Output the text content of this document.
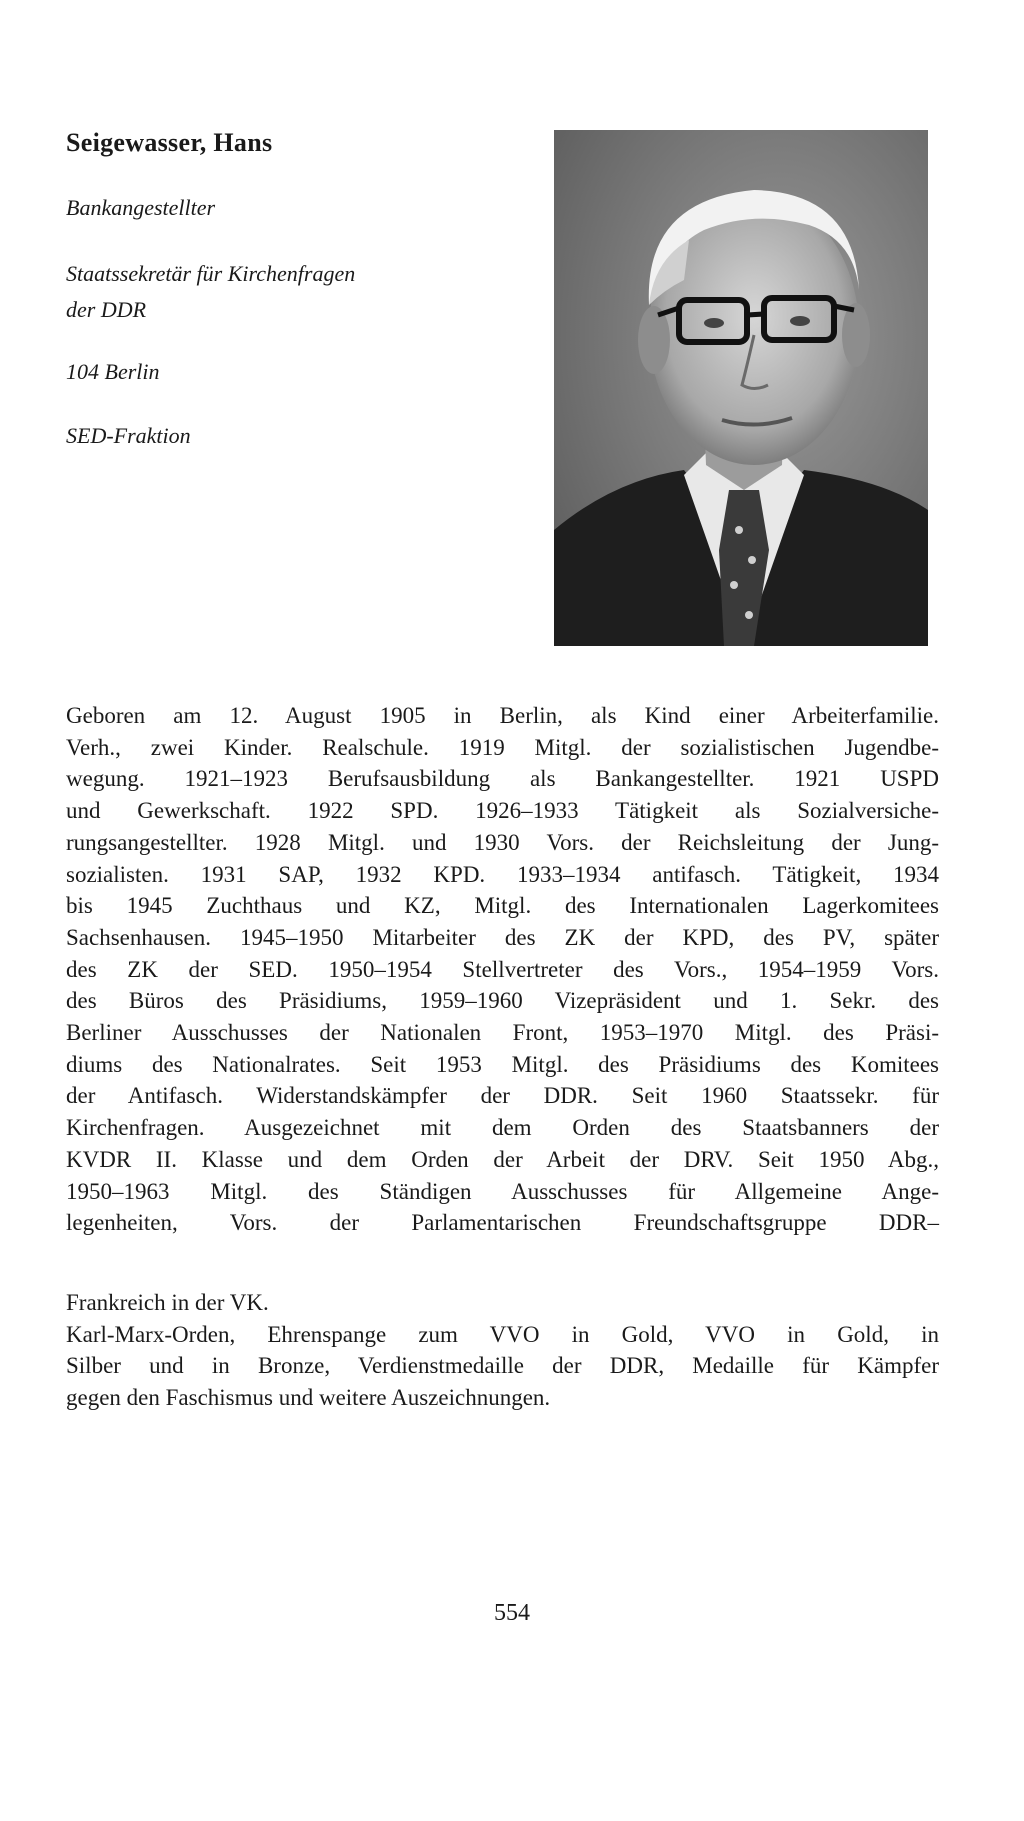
Seigewasser, Hans

Bankangestellter

Staatssekretär für Kirchenfragen
der DDR

104 Berlin

SED-Fraktion

Geboren am 12. August 1905 in Berlin, als Kind einer Arbeiterfamilie.
Verh., zwei Kinder. Realschule. 1919 Mitgl. der sozialistischen Jugendbe-
wegung. 1921–1923 Berufsausbildung als Bankangestellter. 1921 USPD
und Gewerkschaft. 1922 SPD. 1926–1933 Tätigkeit als Sozialversiche-
rungsangestellter. 1928 Mitgl. und 1930 Vors. der Reichsleitung der Jung-
sozialisten. 1931 SAP, 1932 KPD. 1933–1934 antifasch. Tätigkeit, 1934
bis 1945 Zuchthaus und KZ, Mitgl. des Internationalen Lagerkomitees
Sachsenhausen. 1945–1950 Mitarbeiter des ZK der KPD, des PV, später
des ZK der SED. 1950–1954 Stellvertreter des Vors., 1954–1959 Vors.
des Büros des Präsidiums, 1959–1960 Vizepräsident und 1. Sekr. des
Berliner Ausschusses der Nationalen Front, 1953–1970 Mitgl. des Präsi-
diums des Nationalrates. Seit 1953 Mitgl. des Präsidiums des Komitees
der Antifasch. Widerstandskämpfer der DDR. Seit 1960 Staatssekr. für
Kirchenfragen. Ausgezeichnet mit dem Orden des Staatsbanners der
KVDR II. Klasse und dem Orden der Arbeit der DRV. Seit 1950 Abg.,
1950–1963 Mitgl. des Ständigen Ausschusses für Allgemeine Ange-
legenheiten, Vors. der Parlamentarischen Freundschaftsgruppe DDR–
Frankreich in der VK.
Karl-Marx-Orden, Ehrenspange zum VVO in Gold, VVO in Gold, in
Silber und in Bronze, Verdienstmedaille der DDR, Medaille für Kämpfer
gegen den Faschismus und weitere Auszeichnungen.
554
